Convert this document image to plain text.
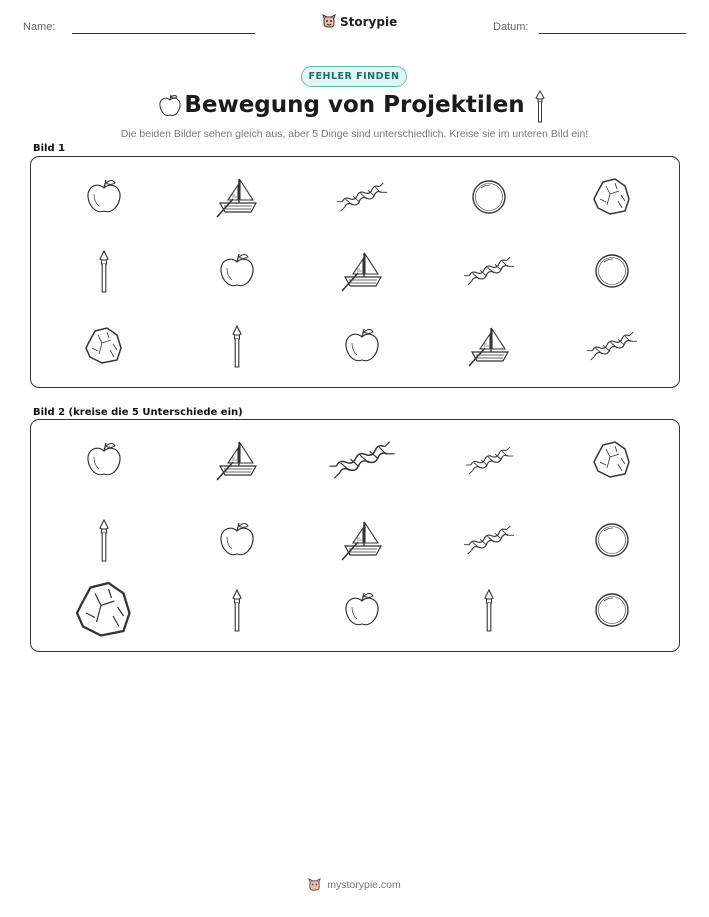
Name:	Storypie	Datum:
FEHLER FINDEN
Bewegung von Projektilen
Die beiden Bilder sehen gleich aus, aber 5 Dinge sind unterschiedlich. Kreise sie im unteren Bild ein!
Bild 1
Bild 2 (kreise die 5 Unterschiede ein)
mystorypie.com
